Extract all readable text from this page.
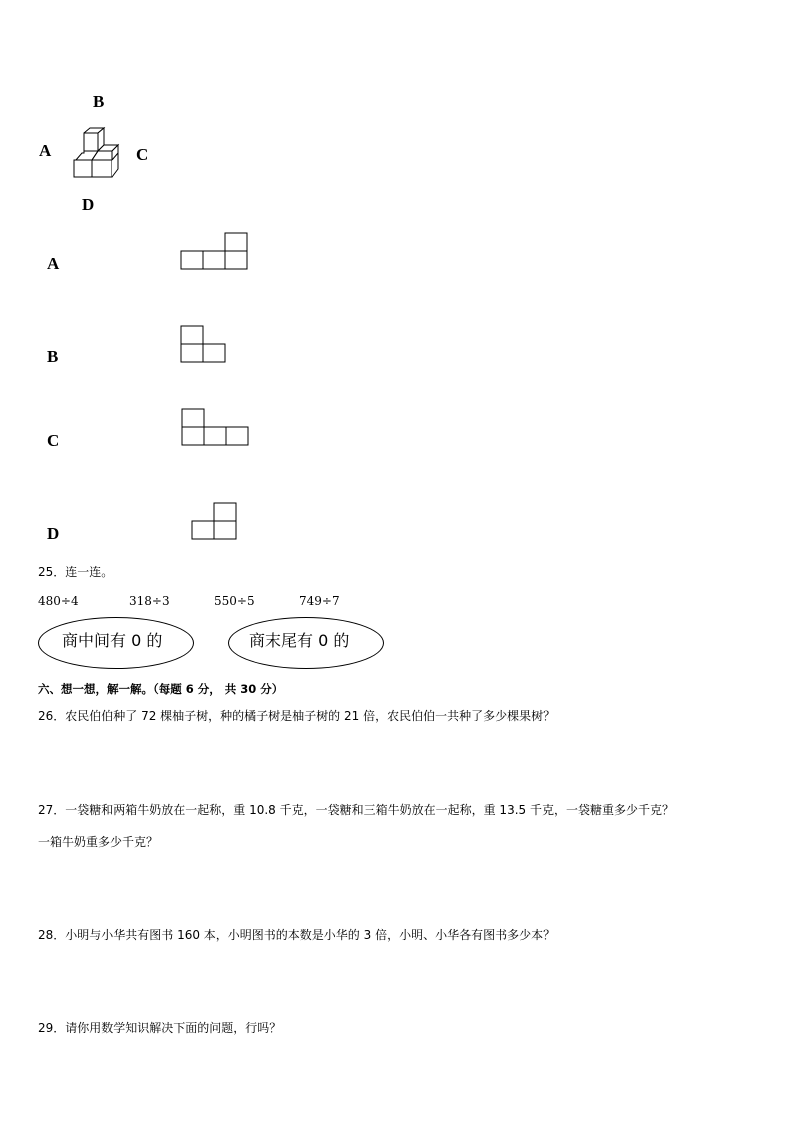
B
A	C
D
A
B
C
D
25．连一连。
480÷4	318÷3	550÷5	749÷7
商中间有 0 的	商末尾有 0 的
六、想一想，解一解。（每题 6 分， 共 30 分）
26．农民伯伯种了 72 棵柚子树，种的橘子树是柚子树的 21 倍，农民伯伯一共种了多少棵果树？
27．一袋糖和两箱牛奶放在一起称，重 10.8 千克，一袋糖和三箱牛奶放在一起称，重 13.5 千克，一袋糖重多少千克？
一箱牛奶重多少千克？
28．小明与小华共有图书 160 本，小明图书的本数是小华的 3 倍，小明、小华各有图书多少本？
29．请你用数学知识解决下面的问题，行吗？
